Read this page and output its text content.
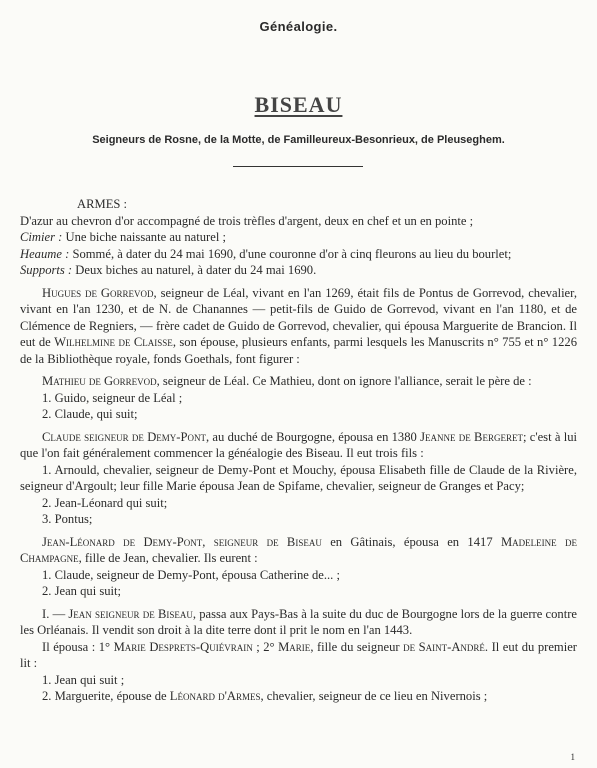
Généalogie.
BISEAU
Seigneurs de Rosne, de la Motte, de Familleureux-Besonrieux, de Pleuseghem.

ARMES :

D'azur au chevron d'or accompagné de trois trèfles d'argent, deux en chef et un en pointe ;

Cimier : Une biche naissante au naturel ;

Heaume : Sommé, à dater du 24 mai 1690, d'une couronne d'or à cinq fleurons au lieu du bourlet;

Supports : Deux biches au naturel, à dater du 24 mai 1690.

Hugues de Gorrevod, seigneur de Léal, vivant en l'an 1269, était fils de Pontus de Gorrevod, chevalier, vivant en l'an 1230, et de N. de Chanannes — petit-fils de Guido de Gorrevod, vivant en l'an 1180, et de Clémence de Regniers, — frère cadet de Guido de Gorrevod, chevalier, qui épousa Marguerite de Brancion. Il eut de Wilhelmine de Claisse, son épouse, plusieurs enfants, parmi lesquels les Manuscrits n° 755 et n° 1226 de la Bibliothèque royale, fonds Goethals, font figurer :

Mathieu de Gorrevod, seigneur de Léal. Ce Mathieu, dont on ignore l'alliance, serait le père de :

1. Guido, seigneur de Léal ;

2. Claude, qui suit;

Claude seigneur de Demy-Pont, au duché de Bourgogne, épousa en 1380 Jeanne de Bergeret; c'est à lui que l'on fait généralement commencer la généalogie des Biseau. Il eut trois fils :

1. Arnould, chevalier, seigneur de Demy-Pont et Mouchy, épousa Elisabeth fille de Claude de la Rivière, seigneur d'Argoult; leur fille Marie épousa Jean de Spifame, chevalier, seigneur de Granges et Pacy;

2. Jean-Léonard qui suit;

3. Pontus;

Jean-Léonard de Demy-Pont, seigneur de Biseau en Gâtinais, épousa en 1417 Madeleine de Champagne, fille de Jean, chevalier. Ils eurent :

1. Claude, seigneur de Demy-Pont, épousa Catherine de... ;

2. Jean qui suit;

I. — Jean seigneur de Biseau, passa aux Pays-Bas à la suite du duc de Bourgogne lors de la guerre contre les Orléanais. Il vendit son droit à la dite terre dont il prit le nom en l'an 1443.

Il épousa : 1° Marie Desprets-Quiévrain ; 2° Marie, fille du seigneur de Saint-André. Il eut du premier lit :

1. Jean qui suit ;

2. Marguerite, épouse de Léonard d'Armes, chevalier, seigneur de ce lieu en Nivernois ;

1
